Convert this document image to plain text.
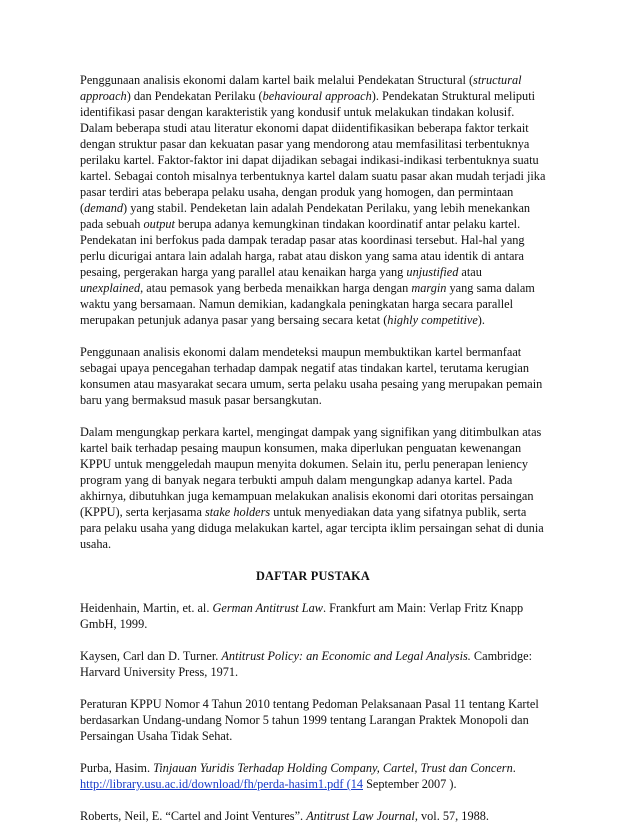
Penggunaan analisis ekonomi dalam kartel baik melalui Pendekatan Structural (structural approach) dan Pendekatan Perilaku (behavioural approach). Pendekatan Struktural meliputi identifikasi pasar dengan karakteristik yang kondusif untuk melakukan tindakan kolusif. Dalam beberapa studi atau literatur ekonomi dapat diidentifikasikan beberapa faktor terkait dengan struktur pasar dan kekuatan pasar yang mendorong atau memfasilitasi terbentuknya perilaku kartel. Faktor-faktor ini dapat dijadikan sebagai indikasi-indikasi terbentuknya suatu kartel. Sebagai contoh misalnya terbentuknya kartel dalam suatu pasar akan mudah terjadi jika pasar terdiri atas beberapa pelaku usaha, dengan produk yang homogen, dan permintaan (demand) yang stabil. Pendeketan lain adalah Pendekatan Perilaku, yang lebih menekankan pada sebuah output berupa adanya kemungkinan tindakan koordinatif antar pelaku kartel. Pendekatan ini berfokus pada dampak teradap pasar atas koordinasi tersebut. Hal-hal yang perlu dicurigai antara lain adalah harga, rabat atau diskon yang sama atau identik di antara pesaing, pergerakan harga yang parallel atau kenaikan harga yang unjustified atau unexplained, atau pemasok yang berbeda menaikkan harga dengan margin yang sama dalam waktu yang bersamaan. Namun demikian, kadangkala peningkatan harga secara parallel merupakan petunjuk adanya pasar yang bersaing secara ketat (highly competitive).

Penggunaan analisis ekonomi dalam mendeteksi maupun membuktikan kartel bermanfaat sebagai upaya pencegahan terhadap dampak negatif atas tindakan kartel, terutama kerugian konsumen atau masyarakat secara umum, serta pelaku usaha pesaing yang merupakan pemain baru yang bermaksud masuk pasar bersangkutan.

Dalam mengungkap perkara kartel, mengingat dampak yang signifikan yang ditimbulkan atas kartel baik terhadap pesaing maupun konsumen, maka diperlukan penguatan kewenangan KPPU untuk menggeledah maupun menyita dokumen. Selain itu, perlu penerapan leniency program yang di banyak negara terbukti ampuh dalam mengungkap adanya kartel. Pada akhirnya, dibutuhkan juga kemampuan melakukan analisis ekonomi dari otoritas persaingan (KPPU), serta kerjasama stake holders untuk menyediakan data yang sifatnya publik, serta para pelaku usaha yang diduga melakukan kartel, agar tercipta iklim persaingan sehat di dunia usaha.

DAFTAR PUSTAKA
Heidenhain, Martin, et. al. German Antitrust Law. Frankfurt am Main: Verlap Fritz Knapp GmbH, 1999.
Kaysen, Carl dan D. Turner. Antitrust Policy: an Economic and Legal Analysis. Cambridge: Harvard University Press, 1971.
Peraturan KPPU Nomor 4 Tahun 2010 tentang Pedoman Pelaksanaan Pasal 11 tentang Kartel berdasarkan Undang-undang Nomor 5 tahun 1999 tentang Larangan Praktek Monopoli dan Persaingan Usaha Tidak Sehat.
Purba, Hasim. Tinjauan Yuridis Terhadap Holding Company, Cartel, Trust dan Concern. http://library.usu.ac.id/download/fh/perda-hasim1.pdf (14 September 2007 ).
Roberts, Neil, E. “Cartel and Joint Ventures”. Antitrust Law Journal, vol. 57, 1988.
